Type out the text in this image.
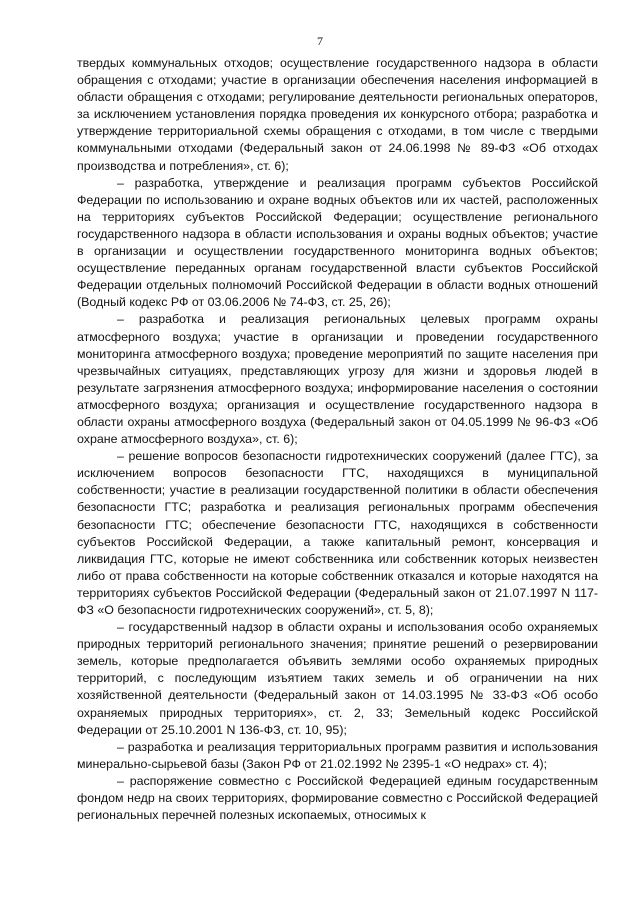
7

твердых коммунальных отходов; осуществление государственного надзора в области обращения с отходами; участие в организации обеспечения населения информацией в области обращения с отходами; регулирование деятельности региональных операторов, за исключением установления порядка проведения их конкурсного отбора; разработка и утверждение территориальной схемы обращения с отходами, в том числе с твердыми коммунальными отходами (Федеральный закон от 24.06.1998 № 89-ФЗ «Об отходах производства и потребления», ст. 6);

– разработка, утверждение и реализация программ субъектов Российской Федерации по использованию и охране водных объектов или их частей, расположенных на территориях субъектов Российской Федерации; осуществление регионального государственного надзора в области использования и охраны водных объектов; участие в организации и осуществлении государственного мониторинга водных объектов; осуществление переданных органам государственной власти субъектов Российской Федерации отдельных полномочий Российской Федерации в области водных отношений (Водный кодекс РФ от 03.06.2006 № 74-ФЗ, ст. 25, 26);

– разработка и реализация региональных целевых программ охраны атмосферного воздуха; участие в организации и проведении государственного мониторинга атмосферного воздуха; проведение мероприятий по защите населения при чрезвычайных ситуациях, представляющих угрозу для жизни и здоровья людей в результате загрязнения атмосферного воздуха; информирование населения о состоянии атмосферного воздуха; организация и осуществление государственного надзора в области охраны атмосферного воздуха (Федеральный закон от 04.05.1999 № 96-ФЗ «Об охране атмосферного воздуха», ст. 6);

– решение вопросов безопасности гидротехнических сооружений (далее ГТС), за исключением вопросов безопасности ГТС, находящихся в муниципальной собственности; участие в реализации государственной политики в области обеспечения безопасности ГТС; разработка и реализация региональных программ обеспечения безопасности ГТС; обеспечение безопасности ГТС, находящихся в собственности субъектов Российской Федерации, а также капитальный ремонт, консервация и ликвидация ГТС, которые не имеют собственника или собственник которых неизвестен либо от права собственности на которые собственник отказался и которые находятся на территориях субъектов Российской Федерации (Федеральный закон от 21.07.1997 N 117-ФЗ «О безопасности гидротехнических сооружений», ст. 5, 8);

– государственный надзор в области охраны и использования особо охраняемых природных территорий регионального значения; принятие решений о резервировании земель, которые предполагается объявить землями особо охраняемых природных территорий, с последующим изъятием таких земель и об ограничении на них хозяйственной деятельности (Федеральный закон от 14.03.1995 № 33-ФЗ «Об особо охраняемых природных территориях», ст. 2, 33; Земельный кодекс Российской Федерации от 25.10.2001 N 136-ФЗ, ст. 10, 95);

– разработка и реализация территориальных программ развития и использования минерально-сырьевой базы (Закон РФ от 21.02.1992 № 2395-1 «О недрах» ст. 4);

– распоряжение совместно с Российской Федерацией единым государственным фондом недр на своих территориях, формирование совместно с Российской Федерацией региональных перечней полезных ископаемых, относимых к
